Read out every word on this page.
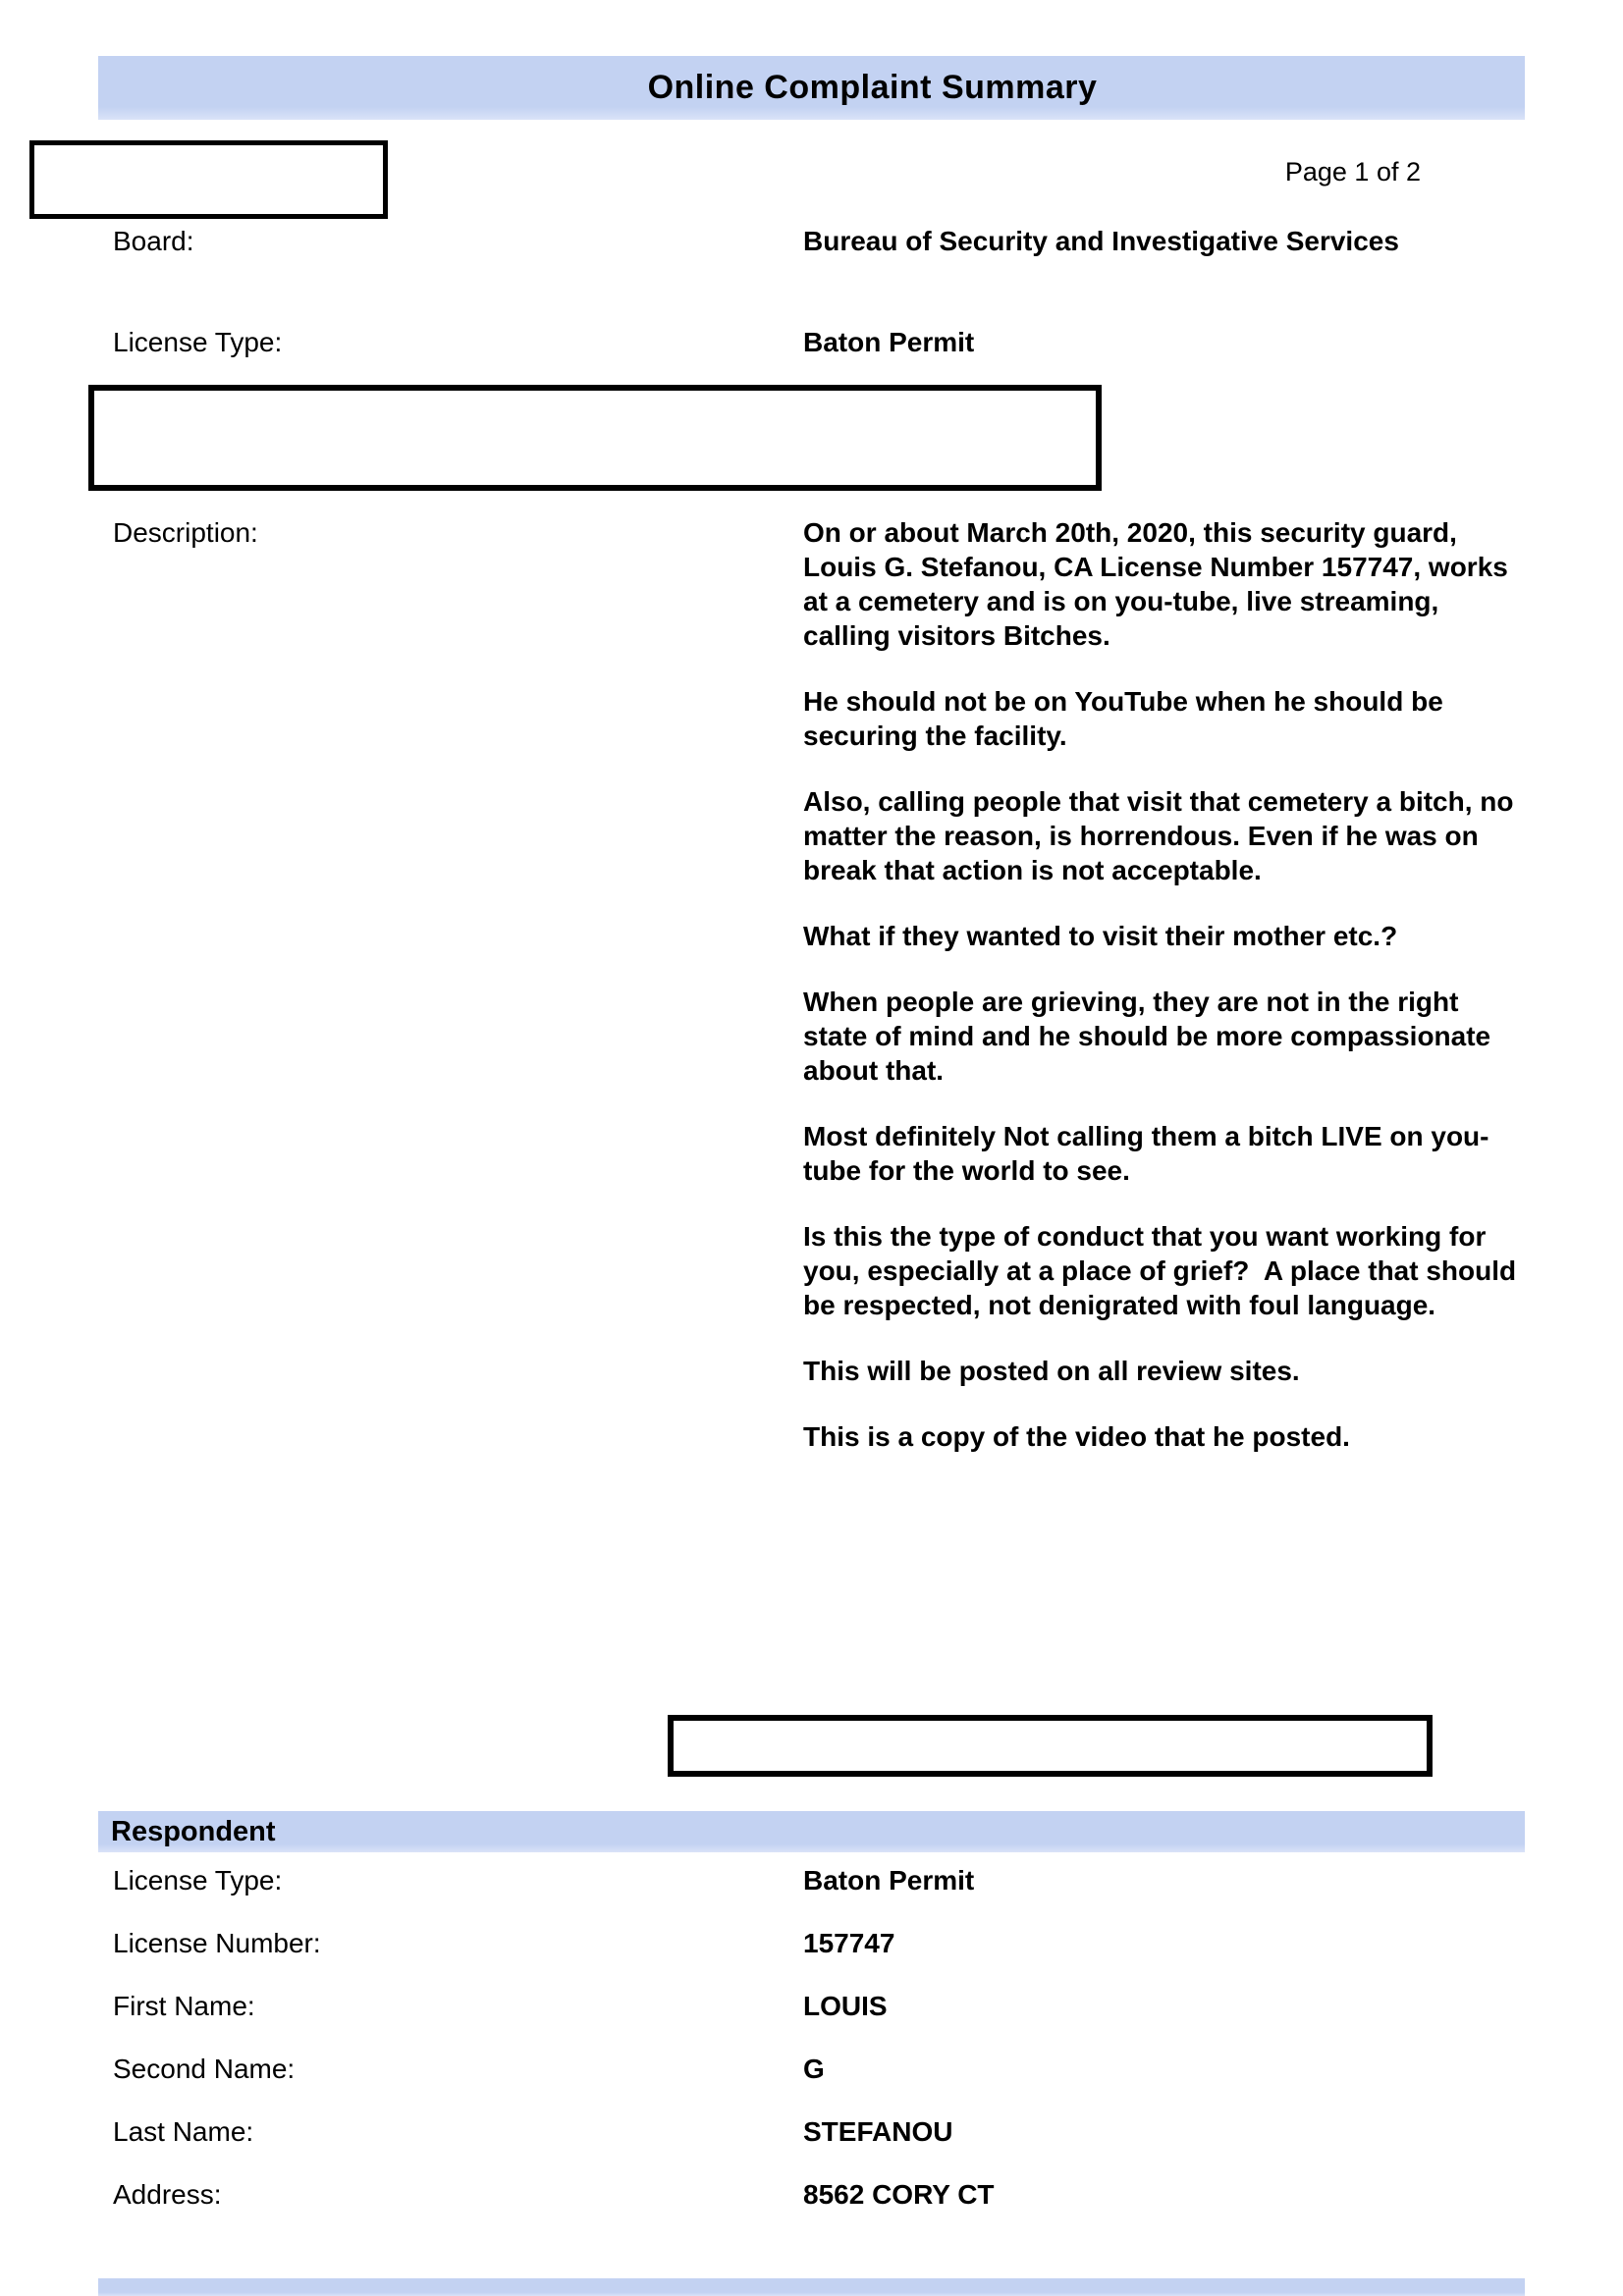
Online Complaint Summary
Page 1 of 2
Board:	Bureau of Security and Investigative Services
License Type:	Baton Permit
Description:	On or about March 20th, 2020, this security guard, Louis G. Stefanou, CA License Number 157747, works at a cemetery and is on you-tube, live streaming, calling visitors Bitches.

He should not be on YouTube when he should be securing the facility.

Also, calling people that visit that cemetery a bitch, no matter the reason, is horrendous. Even if he was on break that action is not acceptable.

What if they wanted to visit their mother etc.?

When people are grieving, they are not in the right state of mind and he should be more compassionate about that.

Most definitely Not calling them a bitch LIVE on you-tube for the world to see.

Is this the type of conduct that you want working for you, especially at a place of grief?  A place that should be respected, not denigrated with foul language.

This will be posted on all review sites.

This is a copy of the video that he posted.

Respondent
License Type:	Baton Permit
License Number:	157747
First Name:	LOUIS
Second Name:	G
Last Name:	STEFANOU
Address:	8562 CORY CT
